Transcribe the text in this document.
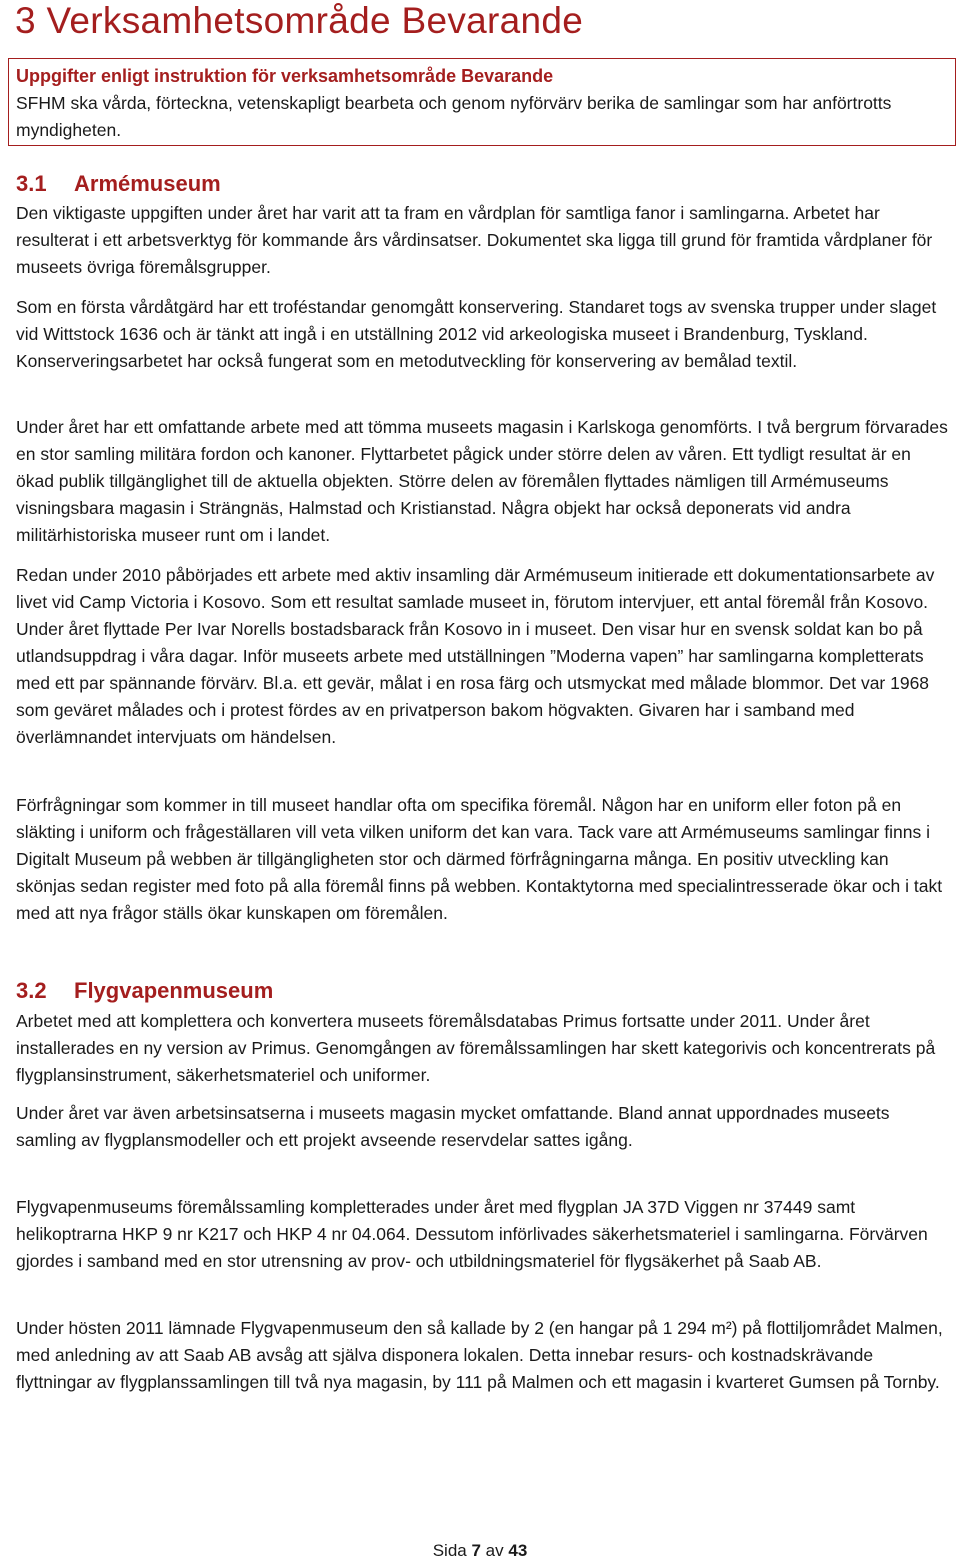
3 Verksamhetsområde Bevarande

Uppgifter enligt instruktion för verksamhetsområde Bevarande

SFHM ska vårda, förteckna, vetenskapligt bearbeta och genom nyförvärv berika de samlingar som har anförtrotts myndigheten.

3.1 Armémuseum

Den viktigaste uppgiften under året har varit att ta fram en vårdplan för samtliga fanor i samlingarna. Arbetet har resulterat i ett arbetsverktyg för kommande års vårdinsatser. Dokumentet ska ligga till grund för framtida vårdplaner för museets övriga föremålsgrupper.

Som en första vårdåtgärd har ett troféstandar genomgått konservering. Standaret togs av svenska trupper under slaget vid Wittstock 1636 och är tänkt att ingå i en utställning 2012 vid arkeologiska museet i Brandenburg, Tyskland. Konserveringsarbetet har också fungerat som en metodutveckling för konservering av bemålad textil.

Under året har ett omfattande arbete med att tömma museets magasin i Karlskoga genomförts. I två bergrum förvarades en stor samling militära fordon och kanoner. Flyttarbetet pågick under större delen av våren. Ett tydligt resultat är en ökad publik tillgänglighet till de aktuella objekten. Större delen av föremålen flyttades nämligen till Armémuseums visningsbara magasin i Strängnäs, Halmstad och Kristianstad. Några objekt har också deponerats vid andra militärhistoriska museer runt om i landet.

Redan under 2010 påbörjades ett arbete med aktiv insamling där Armémuseum initierade ett dokumentationsarbete av livet vid Camp Victoria i Kosovo. Som ett resultat samlade museet in, förutom intervjuer, ett antal föremål från Kosovo. Under året flyttade Per Ivar Norells bostadsbarack från Kosovo in i museet. Den visar hur en svensk soldat kan bo på utlandsuppdrag i våra dagar. Inför museets arbete med utställningen ”Moderna vapen” har samlingarna kompletterats med ett par spännande förvärv. Bl.a. ett gevär, målat i en rosa färg och utsmyckat med målade blommor. Det var 1968 som geväret målades och i protest fördes av en privatperson bakom högvakten. Givaren har i samband med överlämnandet intervjuats om händelsen.

Förfrågningar som kommer in till museet handlar ofta om specifika föremål. Någon har en uniform eller foton på en släkting i uniform och frågeställaren vill veta vilken uniform det kan vara. Tack vare att Armémuseums samlingar finns i Digitalt Museum på webben är tillgängligheten stor och därmed förfrågningarna många. En positiv utveckling kan skönjas sedan register med foto på alla föremål finns på webben. Kontaktytorna med specialintresserade ökar och i takt med att nya frågor ställs ökar kunskapen om föremålen.

3.2 Flygvapenmuseum

Arbetet med att komplettera och konvertera museets föremålsdatabas Primus fortsatte under 2011. Under året installerades en ny version av Primus. Genomgången av föremålssamlingen har skett kategorivis och koncentrerats på flygplansinstrument, säkerhetsmateriel och uniformer.

Under året var även arbetsinsatserna i museets magasin mycket omfattande. Bland annat uppordnades museets samling av flygplansmodeller och ett projekt avseende reservdelar sattes igång.

Flygvapenmuseums föremålssamling kompletterades under året med flygplan JA 37D Viggen nr 37449 samt helikoptrarna HKP 9 nr K217 och HKP 4 nr 04.064. Dessutom införlivades säkerhetsmateriel i samlingarna. Förvärven gjordes i samband med en stor utrensning av prov- och utbildningsmateriel för flygsäkerhet på Saab AB.

Under hösten 2011 lämnade Flygvapenmuseum den så kallade by 2 (en hangar på 1 294 m²) på flottiljområdet Malmen, med anledning av att Saab AB avsåg att själva disponera lokalen. Detta innebar resurs- och kostnadskrävande flyttningar av flygplanssamlingen till två nya magasin, by 111 på Malmen och ett magasin i kvarteret Gumsen på Tornby.

Sida 7 av 43
